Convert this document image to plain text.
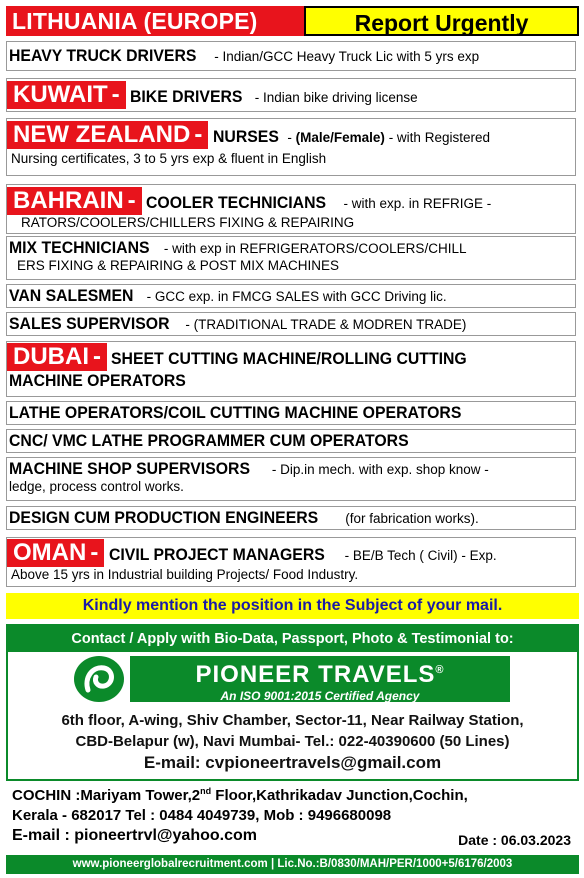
LITHUANIA (EUROPE)	Report Urgently
HEAVY TRUCK DRIVERS - Indian/GCC Heavy Truck Lic with 5 yrs exp
KUWAIT - BIKE DRIVERS - Indian bike driving license
NEW ZEALAND - NURSES - (Male/Female) - with Registered
Nursing certificates, 3 to 5 yrs exp & fluent in English
BAHRAIN - COOLER TECHNICIANS - with exp. in REFRIGE -
RATORS/COOLERS/CHILLERS FIXING & REPAIRING
MIX TECHNICIANS - with exp in REFRIGERATORS/COOLERS/CHILL
ERS FIXING & REPAIRING & POST MIX MACHINES
VAN SALESMEN - GCC exp. in FMCG SALES with GCC Driving lic.
SALES SUPERVISOR - (TRADITIONAL TRADE & MODREN TRADE)
DUBAI - SHEET CUTTING MACHINE/ROLLING CUTTING
MACHINE OPERATORS
LATHE OPERATORS/COIL CUTTING MACHINE OPERATORS
CNC/ VMC LATHE PROGRAMMER CUM OPERATORS
MACHINE SHOP SUPERVISORS - Dip.in mech. with exp. shop know -
ledge, process control works.
DESIGN CUM PRODUCTION ENGINEERS (for fabrication works).
OMAN - CIVIL PROJECT MANAGERS - BE/B Tech ( Civil) - Exp.
Above 15 yrs in Industrial building Projects/ Food Industry.
Kindly mention the position in the Subject of your mail.
Contact / Apply with Bio-Data, Passport, Photo & Testimonial to:
PIONEER TRAVELS®
An ISO 9001:2015 Certified Agency
6th floor, A-wing, Shiv Chamber, Sector-11, Near Railway Station,
CBD-Belapur (w), Navi Mumbai- Tel.: 022-40390600 (50 Lines)
E-mail: cvpioneertravels@gmail.com
COCHIN :Mariyam Tower,2nd Floor,Kathrikadav Junction,Cochin,
Kerala - 682017 Tel : 0484 4049739, Mob : 9496680098
E-mail : pioneertrvl@yahoo.com	Date : 06.03.2023
www.pioneerglobalrecruitment.com | Lic.No.:B/0830/MAH/PER/1000+5/6176/2003
